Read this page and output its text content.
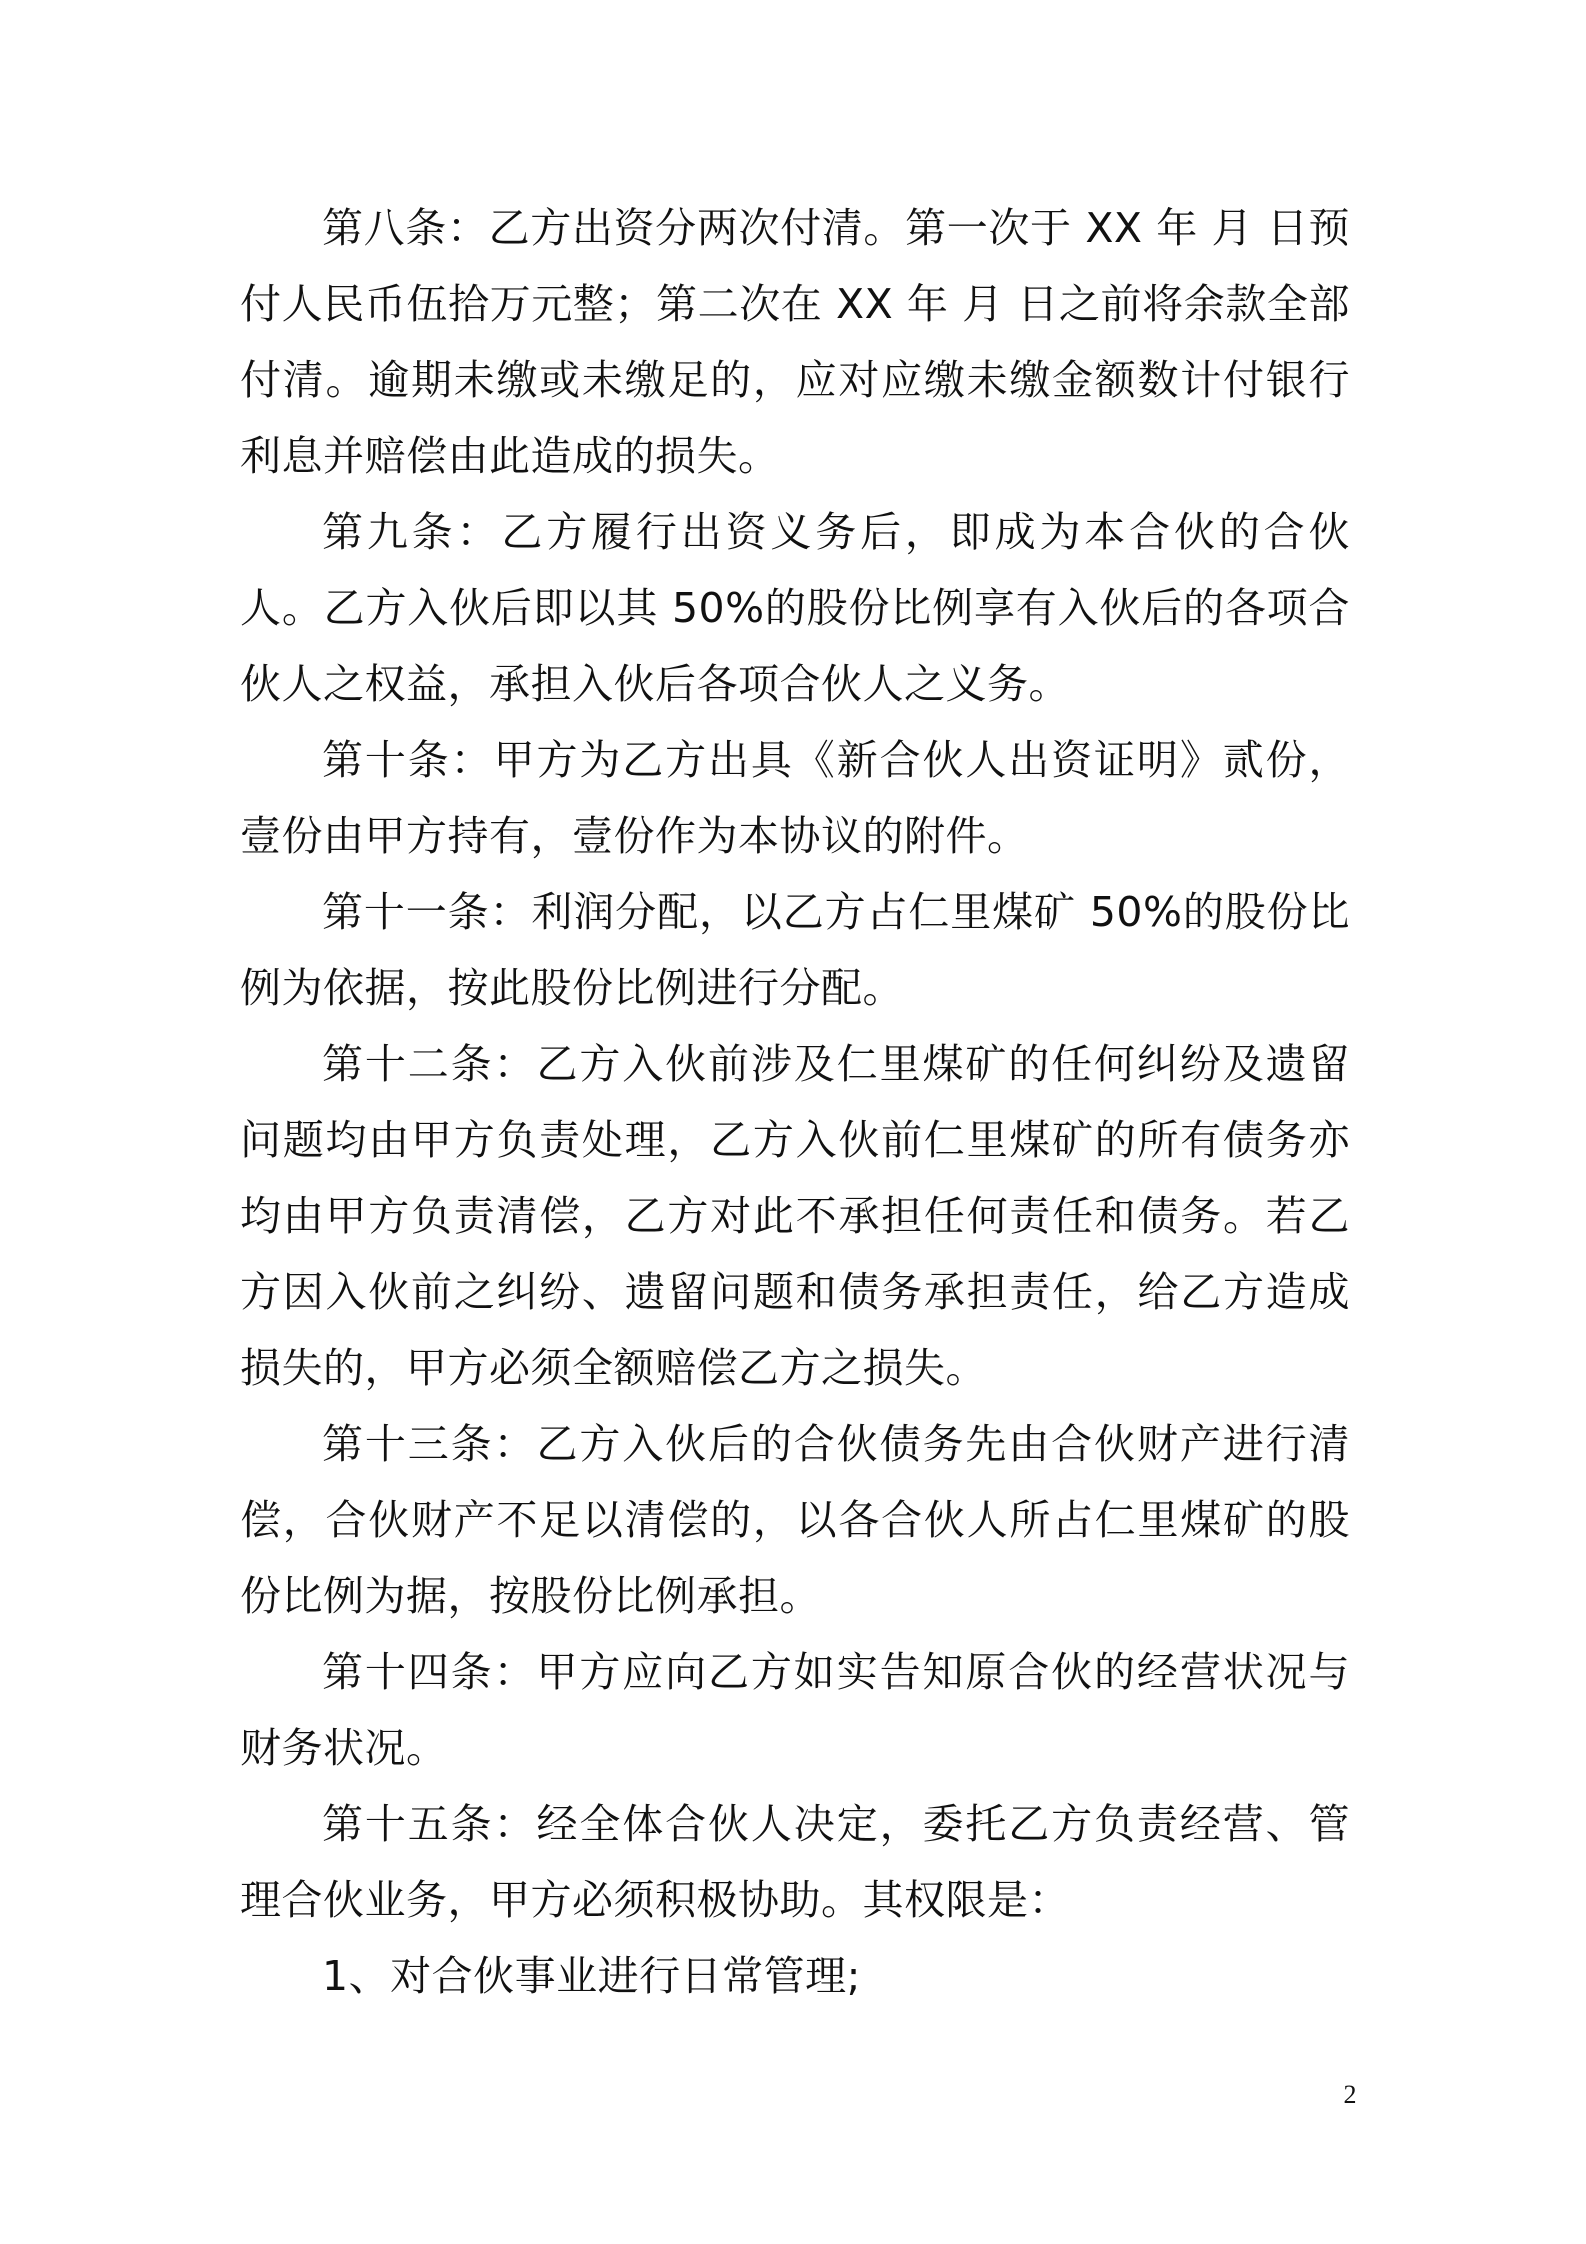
第八条：乙方出资分两次付清。第一次于 XX 年 月 日预付人民币伍拾万元整；第二次在 XX 年 月 日之前将余款全部付清。逾期未缴或未缴足的，应对应缴未缴金额数计付银行利息并赔偿由此造成的损失。

第九条：乙方履行出资义务后，即成为本合伙的合伙人。乙方入伙后即以其 50%的股份比例享有入伙后的各项合伙人之权益，承担入伙后各项合伙人之义务。

第十条：甲方为乙方出具《新合伙人出资证明》贰份，壹份由甲方持有，壹份作为本协议的附件。

第十一条：利润分配，以乙方占仁里煤矿 50%的股份比例为依据，按此股份比例进行分配。

第十二条：乙方入伙前涉及仁里煤矿的任何纠纷及遗留问题均由甲方负责处理，乙方入伙前仁里煤矿的所有债务亦均由甲方负责清偿，乙方对此不承担任何责任和债务。若乙方因入伙前之纠纷、遗留问题和债务承担责任，给乙方造成损失的，甲方必须全额赔偿乙方之损失。

第十三条：乙方入伙后的合伙债务先由合伙财产进行清偿，合伙财产不足以清偿的，以各合伙人所占仁里煤矿的股份比例为据，按股份比例承担。

第十四条：甲方应向乙方如实告知原合伙的经营状况与财务状况。

第十五条：经全体合伙人决定，委托乙方负责经营、管理合伙业务，甲方必须积极协助。其权限是：

1、对合伙事业进行日常管理;

2
